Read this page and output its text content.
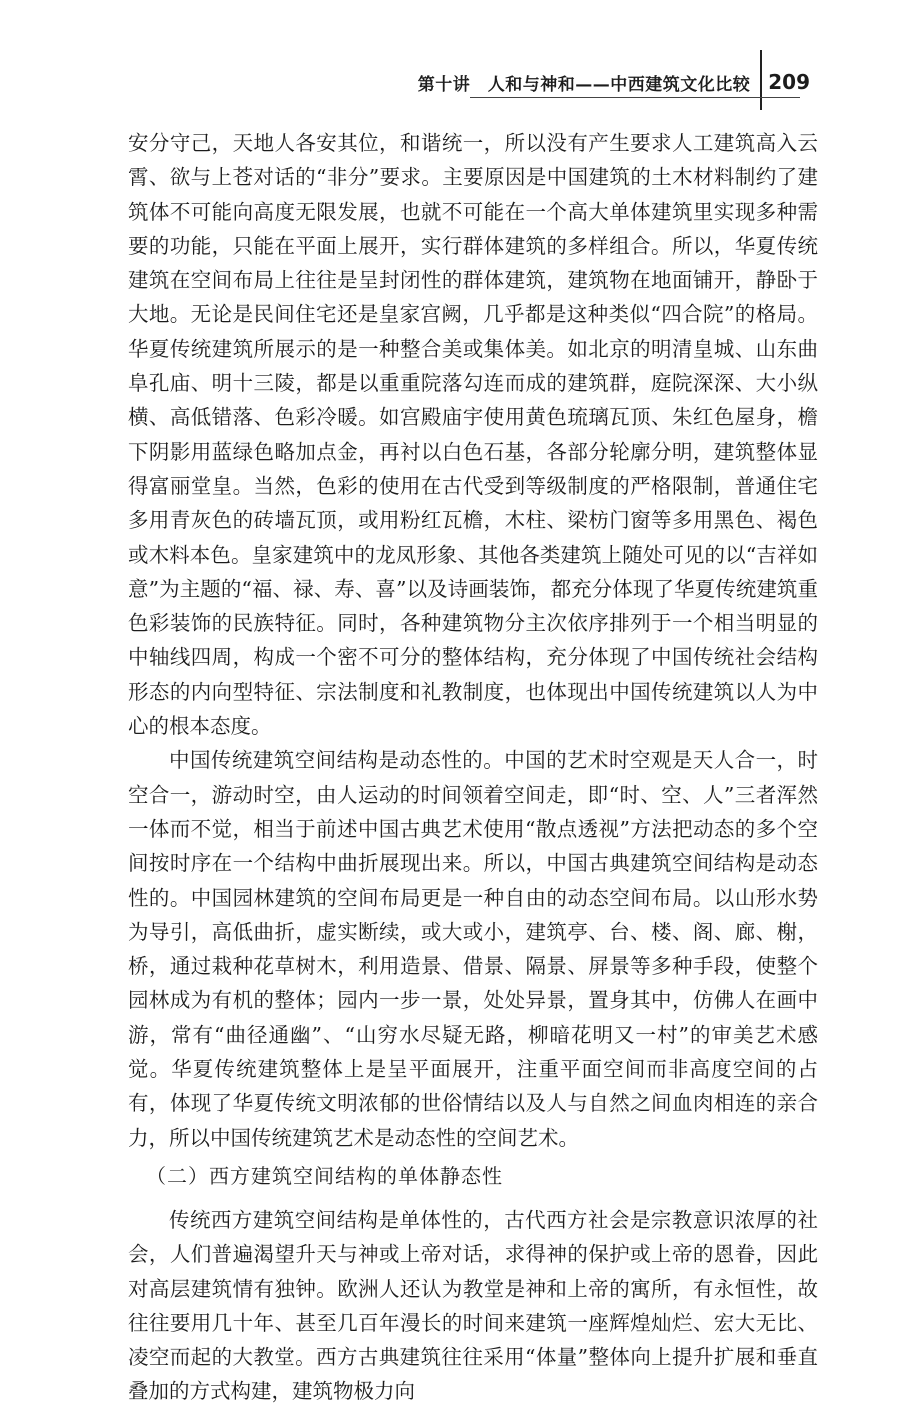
第十讲　人和与神和——中西建筑文化比较 209

安分守己，天地人各安其位，和谐统一，所以没有产生要求人工建筑高入云霄、欲与上苍对话的“非分”要求。主要原因是中国建筑的土木材料制约了建筑体不可能向高度无限发展，也就不可能在一个高大单体建筑里实现多种需要的功能，只能在平面上展开，实行群体建筑的多样组合。所以，华夏传统建筑在空间布局上往往是呈封闭性的群体建筑，建筑物在地面铺开，静卧于大地。无论是民间住宅还是皇家宫阙，几乎都是这种类似“四合院”的格局。华夏传统建筑所展示的是一种整合美或集体美。如北京的明清皇城、山东曲阜孔庙、明十三陵，都是以重重院落勾连而成的建筑群，庭院深深、大小纵横、高低错落、色彩冷暖。如宫殿庙宇使用黄色琉璃瓦顶、朱红色屋身，檐下阴影用蓝绿色略加点金，再衬以白色石基，各部分轮廓分明，建筑整体显得富丽堂皇。当然，色彩的使用在古代受到等级制度的严格限制，普通住宅多用青灰色的砖墙瓦顶，或用粉红瓦檐，木柱、梁枋门窗等多用黑色、褐色或木料本色。皇家建筑中的龙凤形象、其他各类建筑上随处可见的以“吉祥如意”为主题的“福、禄、寿、喜”以及诗画装饰，都充分体现了华夏传统建筑重色彩装饰的民族特征。同时，各种建筑物分主次依序排列于一个相当明显的中轴线四周，构成一个密不可分的整体结构，充分体现了中国传统社会结构形态的内向型特征、宗法制度和礼教制度，也体现出中国传统建筑以人为中心的根本态度。

中国传统建筑空间结构是动态性的。中国的艺术时空观是天人合一，时空合一，游动时空，由人运动的时间领着空间走，即“时、空、人”三者浑然一体而不觉，相当于前述中国古典艺术使用“散点透视”方法把动态的多个空间按时序在一个结构中曲折展现出来。所以，中国古典建筑空间结构是动态性的。中国园林建筑的空间布局更是一种自由的动态空间布局。以山形水势为导引，高低曲折，虚实断续，或大或小，建筑亭、台、楼、阁、廊、榭，桥，通过栽种花草树木，利用造景、借景、隔景、屏景等多种手段，使整个园林成为有机的整体；园内一步一景，处处异景，置身其中，仿佛人在画中游，常有“曲径通幽”、“山穷水尽疑无路，柳暗花明又一村”的审美艺术感觉。华夏传统建筑整体上是呈平面展开，注重平面空间而非高度空间的占有，体现了华夏传统文明浓郁的世俗情结以及人与自然之间血肉相连的亲合力，所以中国传统建筑艺术是动态性的空间艺术。

（二）西方建筑空间结构的单体静态性

传统西方建筑空间结构是单体性的，古代西方社会是宗教意识浓厚的社会，人们普遍渴望升天与神或上帝对话，求得神的保护或上帝的恩眷，因此对高层建筑情有独钟。欧洲人还认为教堂是神和上帝的寓所，有永恒性，故往往要用几十年、甚至几百年漫长的时间来建筑一座辉煌灿烂、宏大无比、凌空而起的大教堂。西方古典建筑往往采用“体量”整体向上提升扩展和垂直叠加的方式构建，建筑物极力向
